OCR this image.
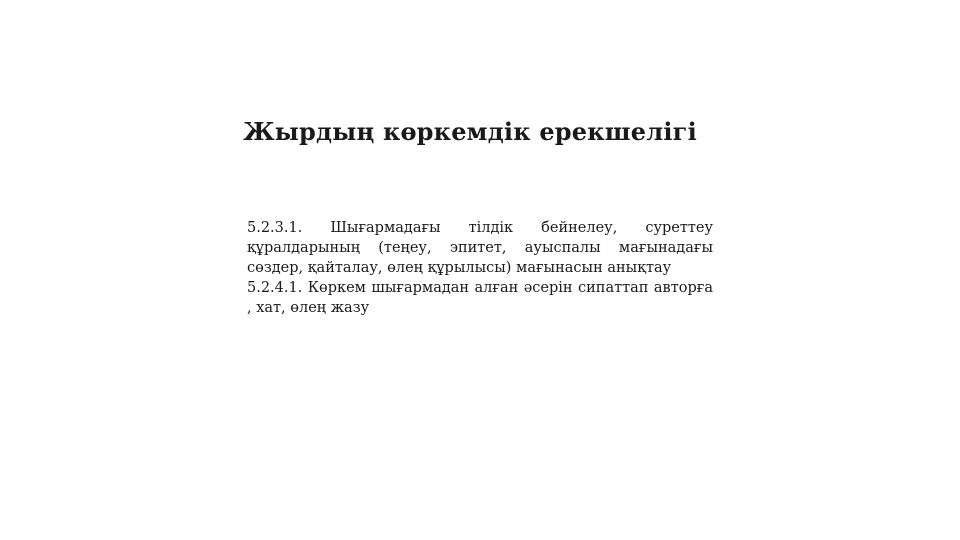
Жырдың көркемдік ерекшелігі

5.2.3.1. Шығармадағы тілдік бейнелеу, суреттеу құралдарының (теңеу, эпитет, ауыспалы мағынадағы сөздер, қайталау, өлең құрылысы) мағынасын анықтау

5.2.4.1. Көркем шығармадан алған әсерін сипаттап авторға , хат, өлең жазу
